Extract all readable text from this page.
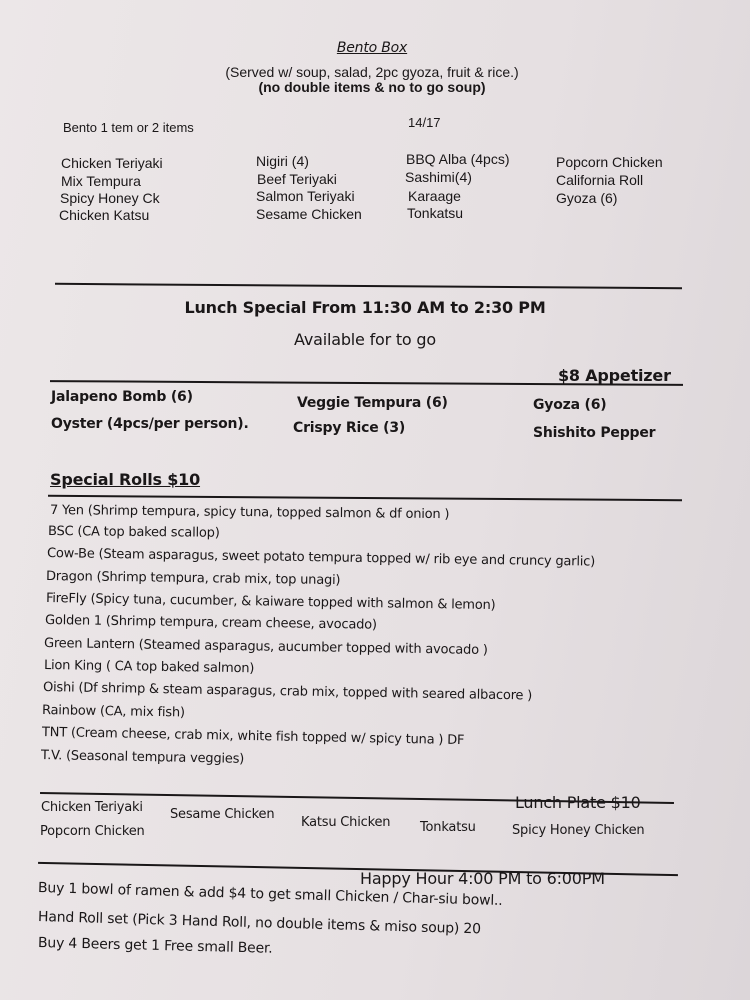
Bento Box
(Served w/ soup, salad, 2pc gyoza, fruit & rice.)
(no double items & no to go soup)
Bento 1 tem or 2 items	14/17
Chicken Teriyaki
Mix Tempura
Spicy Honey Ck
Chicken Katsu
Nigiri (4)
Beef Teriyaki
Salmon Teriyaki
Sesame Chicken
BBQ Alba (4pcs)
Sashimi(4)
Karaage
Tonkatsu
Popcorn Chicken
California Roll
Gyoza (6)
Lunch Special From 11:30 AM to 2:30 PM
Available for to go
$8 Appetizer
Jalapeno Bomb (6)	Veggie Tempura (6)	Gyoza (6)
Oyster (4pcs/per person).	Crispy Rice (3)	Shishito Pepper
Special Rolls $10
7 Yen (Shrimp tempura, spicy tuna, topped salmon & df onion )
BSC (CA top baked scallop)
Cow-Be (Steam asparagus, sweet potato tempura topped w/ rib eye and cruncy garlic)
Dragon (Shrimp tempura, crab mix, top unagi)
FireFly (Spicy tuna, cucumber, & kaiware topped with salmon & lemon)
Golden 1 (Shrimp tempura, cream cheese, avocado)
Green Lantern (Steamed asparagus, aucumber topped with avocado )
Lion King ( CA top baked salmon)
Oishi (Df shrimp & steam asparagus, crab mix, topped with seared albacore )
Rainbow (CA, mix fish)
TNT (Cream cheese, crab mix, white fish topped w/ spicy tuna ) DF
T.V. (Seasonal tempura veggies)
Lunch Plate $10
Chicken Teriyaki Sesame Chicken
Katsu Chicken Tonkatsu	Spicy Honey Chicken
Popcorn Chicken
Happy Hour 4:00 PM to 6:00PM
Buy 1 bowl of ramen & add $4 to get small Chicken / Char-siu bowl..
Hand Roll set (Pick 3 Hand Roll, no double items & miso soup) 20
Buy 4 Beers get 1 Free small Beer.
